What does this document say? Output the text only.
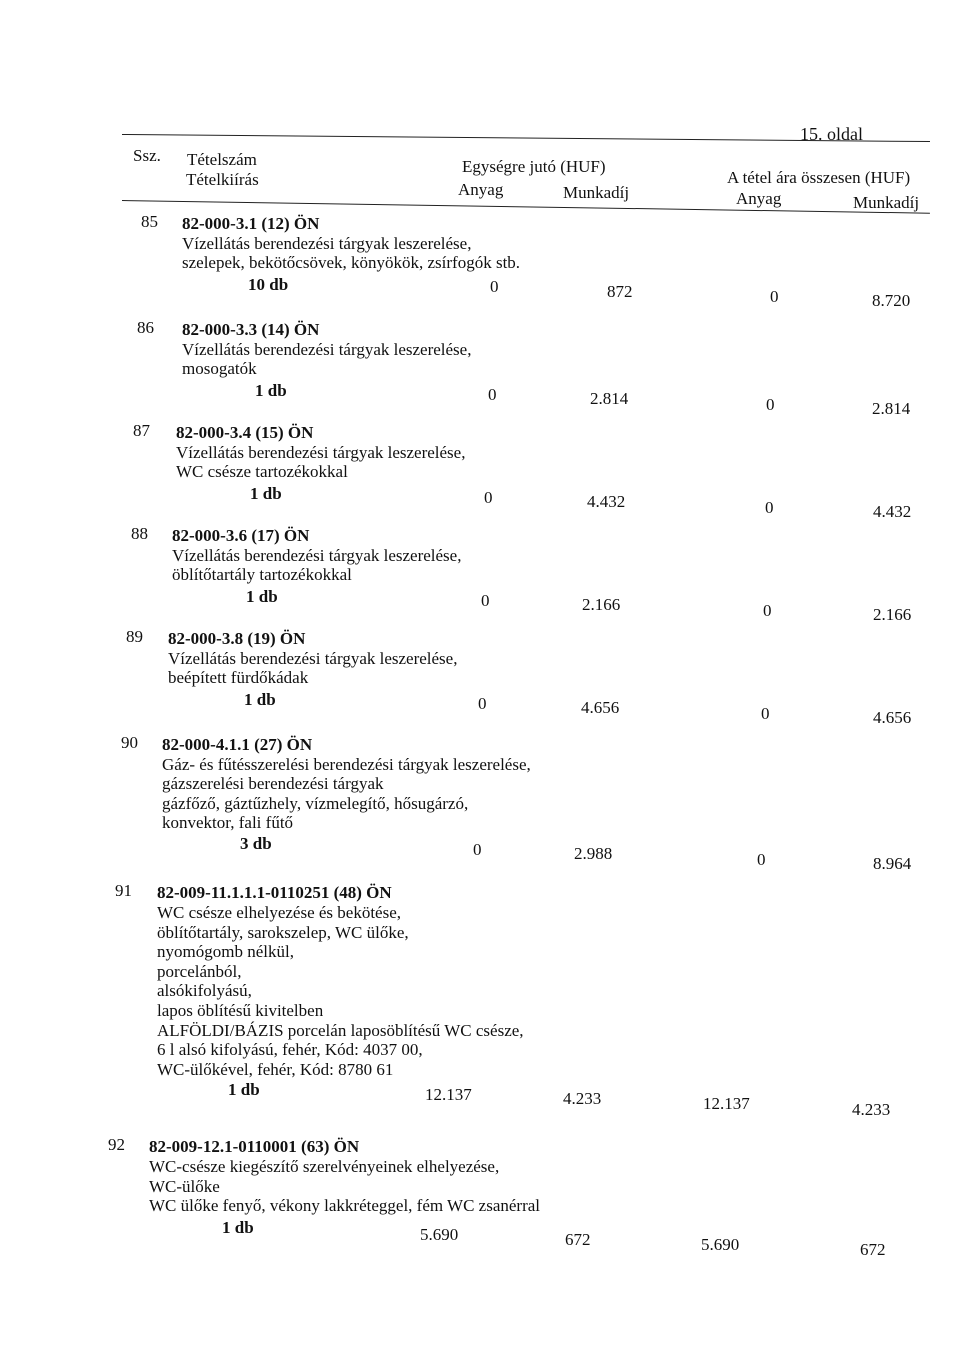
15. oldal
Ssz. Tételszám
Tételkiírás
Egységre jutó (HUF)
Anyag	Munkadíj
A tétel ára összesen (HUF)
Anyag	Munkadíj
85 82-000-3.1 (12) ÖN
Vízellátás berendezési tárgyak leszerelése,
szelepek, bekötőcsövek, könyökök, zsírfogók stb.
10 db	0	872	0	8.720
86 82-000-3.3 (14) ÖN
Vízellátás berendezési tárgyak leszerelése,
mosogatók
1 db	0	2.814	0	2.814
87 82-000-3.4 (15) ÖN
Vízellátás berendezési tárgyak leszerelése,
WC csésze tartozékokkal
1 db	0	4.432	0	4.432
88 82-000-3.6 (17) ÖN
Vízellátás berendezési tárgyak leszerelése,
öblítőtartály tartozékokkal
1 db	0	2.166	0	2.166
89 82-000-3.8 (19) ÖN
Vízellátás berendezési tárgyak leszerelése,
beépített fürdőkádak
1 db	0	4.656	0	4.656
90 82-000-4.1.1 (27) ÖN
Gáz- és fűtésszerelési berendezési tárgyak leszerelése,
gázszerelési berendezési tárgyak
gázfőző, gáztűzhely, vízmelegítő, hősugárzó,
konvektor, fali fűtő
3 db	0	2.988	0	8.964
91 82-009-11.1.1.1-0110251 (48) ÖN
WC csésze elhelyezése és bekötése,
öblítőtartály, sarokszelep, WC ülőke,
nyomógomb nélkül,
porcelánból,
alsókifolyású,
lapos öblítésű kivitelben
ALFÖLDI/BÁZIS porcelán laposöblítésű WC csésze,
6 l alsó kifolyású, fehér, Kód: 4037 00,
WC-ülőkével, fehér, Kód: 8780 61
1 db	12.137	4.233	12.137	4.233
92 82-009-12.1-0110001 (63) ÖN
WC-csésze kiegészítő szerelvényeinek elhelyezése,
WC-ülőke
WC ülőke fenyő, vékony lakkréteggel, fém WC zsanérral
1 db	5.690	672	5.690	672
